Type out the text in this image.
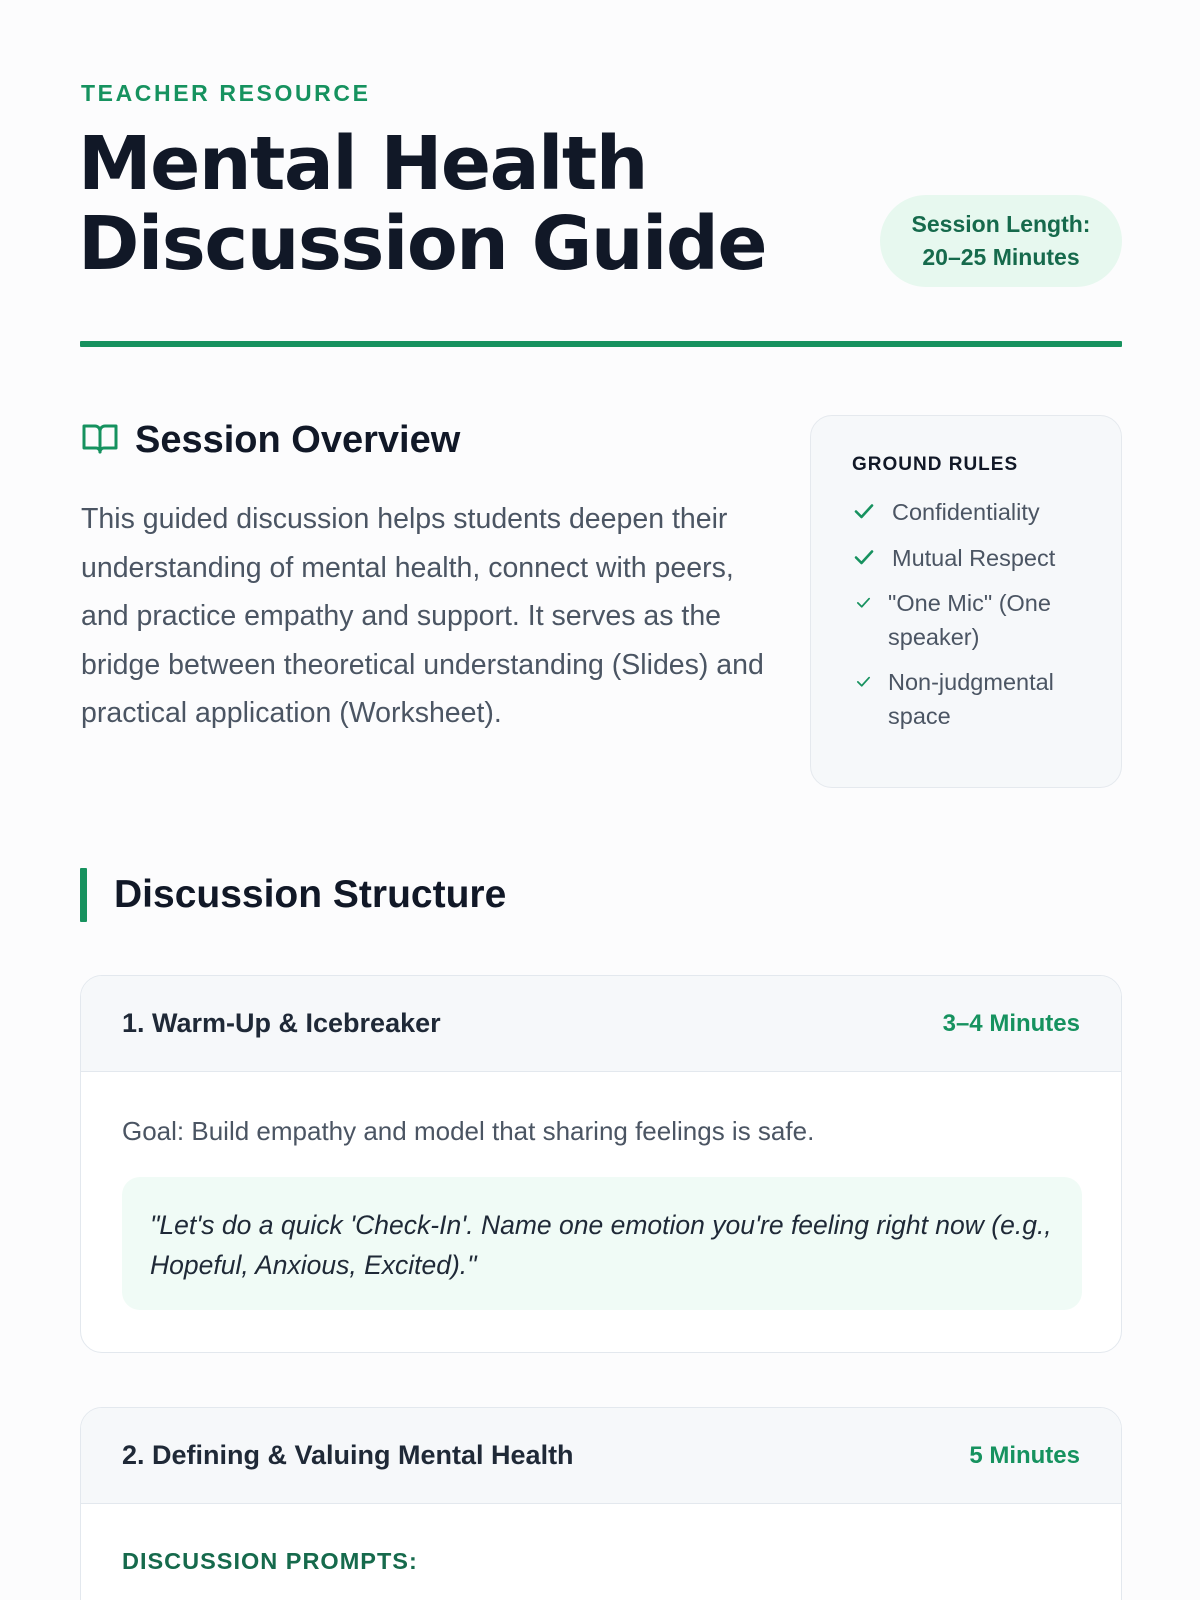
TEACHER RESOURCE
Mental Health
Discussion Guide	Session Length:
20–25 Minutes
Session Overview

This guided discussion helps students deepen their understanding of mental health, connect with peers, and practice empathy and support. It serves as the bridge between theoretical understanding (Slides) and practical application (Worksheet).

GROUND RULES
Confidentiality
Mutual Respect
"One Mic" (One speaker)
Non-judgmental space
Discussion Structure
1. Warm-Up & Icebreaker	3–4 Minutes

Goal: Build empathy and model that sharing feelings is safe.

"Let's do a quick 'Check-In'. Name one emotion you're feeling right now (e.g., Hopeful, Anxious, Excited)."
2. Defining & Valuing Mental Health	5 Minutes
DISCUSSION PROMPTS:
